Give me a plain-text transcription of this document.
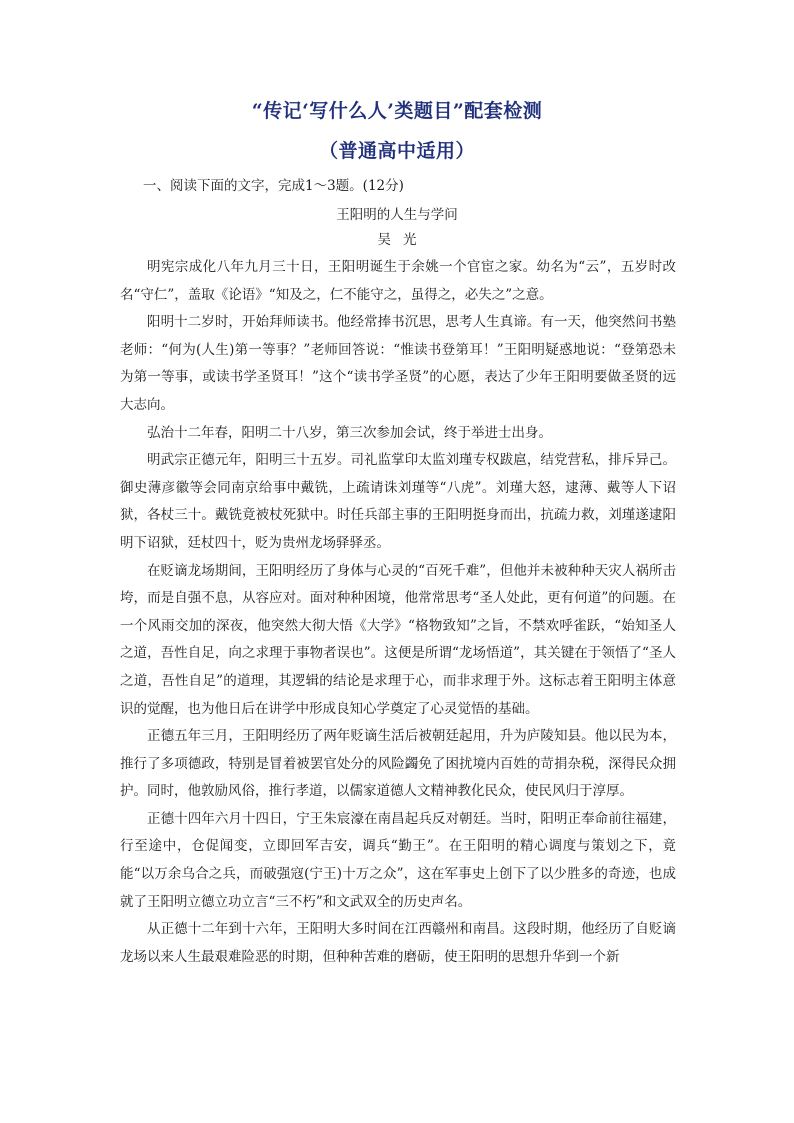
“传记‘写什么人’类题目”配套检测
（普通高中适用）
一、阅读下面的文字，完成1～3题。(12分)
王阳明的人生与学问
吴光

明宪宗成化八年九月三十日，王阳明诞生于余姚一个官宦之家。幼名为“云”，五岁时改名“守仁”，盖取《论语》“知及之，仁不能守之，虽得之，必失之”之意。

阳明十二岁时，开始拜师读书。他经常捧书沉思，思考人生真谛。有一天，他突然问书塾老师：“何为(人生)第一等事？”老师回答说：“惟读书登第耳！”王阳明疑惑地说：“登第恐未为第一等事，或读书学圣贤耳！”这个“读书学圣贤”的心愿，表达了少年王阳明要做圣贤的远大志向。

弘治十二年春，阳明二十八岁，第三次参加会试，终于举进士出身。

明武宗正德元年，阳明三十五岁。司礼监掌印太监刘瑾专权跋扈，结党营私，排斥异己。御史薄彦徽等会同南京给事中戴铣，上疏请诛刘瑾等“八虎”。刘瑾大怒，逮薄、戴等人下诏狱，各杖三十。戴铣竟被杖死狱中。时任兵部主事的王阳明挺身而出，抗疏力救，刘瑾遂逮阳明下诏狱，廷杖四十，贬为贵州龙场驿驿丞。

在贬谪龙场期间，王阳明经历了身体与心灵的“百死千难”，但他并未被种种天灾人祸所击垮，而是自强不息，从容应对。面对种种困境，他常常思考“圣人处此，更有何道”的问题。在一个风雨交加的深夜，他突然大彻大悟《大学》“格物致知”之旨，不禁欢呼雀跃，“始知圣人之道，吾性自足，向之求理于事物者误也”。这便是所谓“龙场悟道”，其关键在于领悟了“圣人之道，吾性自足”的道理，其逻辑的结论是求理于心，而非求理于外。这标志着王阳明主体意识的觉醒，也为他日后在讲学中形成良知心学奠定了心灵觉悟的基础。

正德五年三月，王阳明经历了两年贬谪生活后被朝廷起用，升为庐陵知县。他以民为本，推行了多项德政，特别是冒着被罢官处分的风险蠲免了困扰境内百姓的苛捐杂税，深得民众拥护。同时，他敦励风俗，推行孝道，以儒家道德人文精神教化民众，使民风归于淳厚。

正德十四年六月十四日，宁王朱宸濠在南昌起兵反对朝廷。当时，阳明正奉命前往福建，行至途中，仓促闻变，立即回军吉安，调兵“勤王”。在王阳明的精心调度与策划之下，竟能“以万余乌合之兵，而破强寇(宁王)十万之众”，这在军事史上创下了以少胜多的奇迹，也成就了王阳明立德立功立言“三不朽”和文武双全的历史声名。

从正德十二年到十六年，王阳明大多时间在江西赣州和南昌。这段时期，他经历了自贬谪龙场以来人生最艰难险恶的时期，但种种苦难的磨砺，使王阳明的思想升华到一个新
